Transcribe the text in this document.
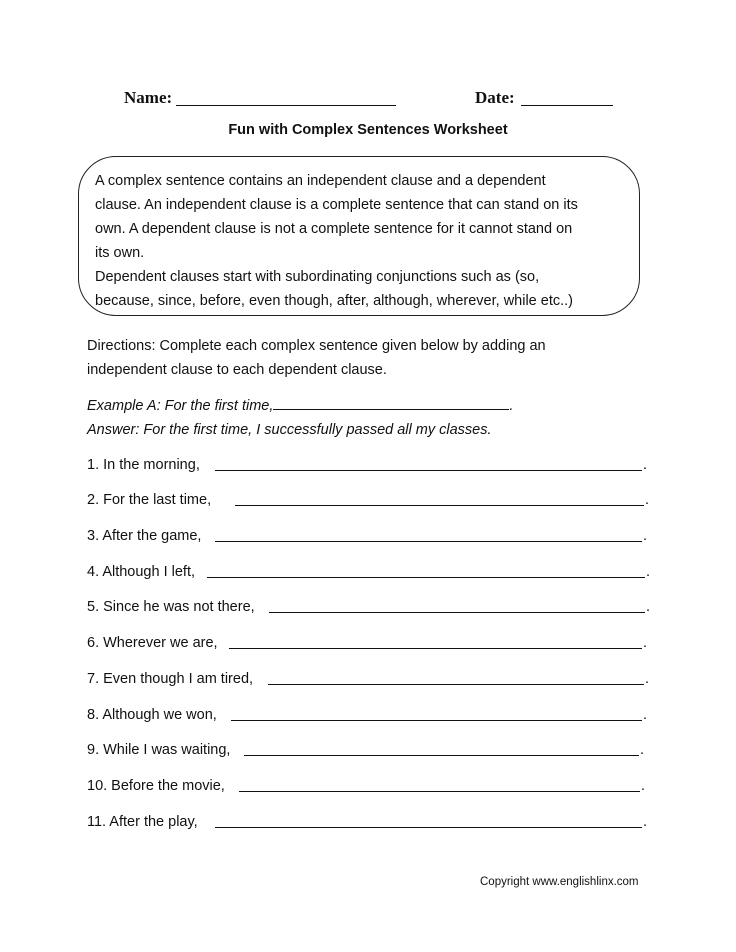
Name:	Date:
Fun with Complex Sentences Worksheet

A complex sentence contains an independent clause and a dependent

clause. An independent clause is a complete sentence that can stand on its

own. A dependent clause is not a complete sentence for it cannot stand on

its own.

Dependent clauses start with subordinating conjunctions such as (so,

because, since, before, even though, after, although, wherever, while etc..)

Directions: Complete each complex sentence given below by adding an
independent clause to each dependent clause.
Example A: For the first time,	.
Answer: For the first time, I successfully passed all my classes.
1. In the morning,	.
2. For the last time,	.
3. After the game,	.
4. Although I left,	.
5. Since he was not there,	.
6. Wherever we are,	.
7. Even though I am tired,	.
8. Although we won,	.
9. While I was waiting,	.
10. Before the movie,	.
11. After the play,	.
Copyright www.englishlinx.com
